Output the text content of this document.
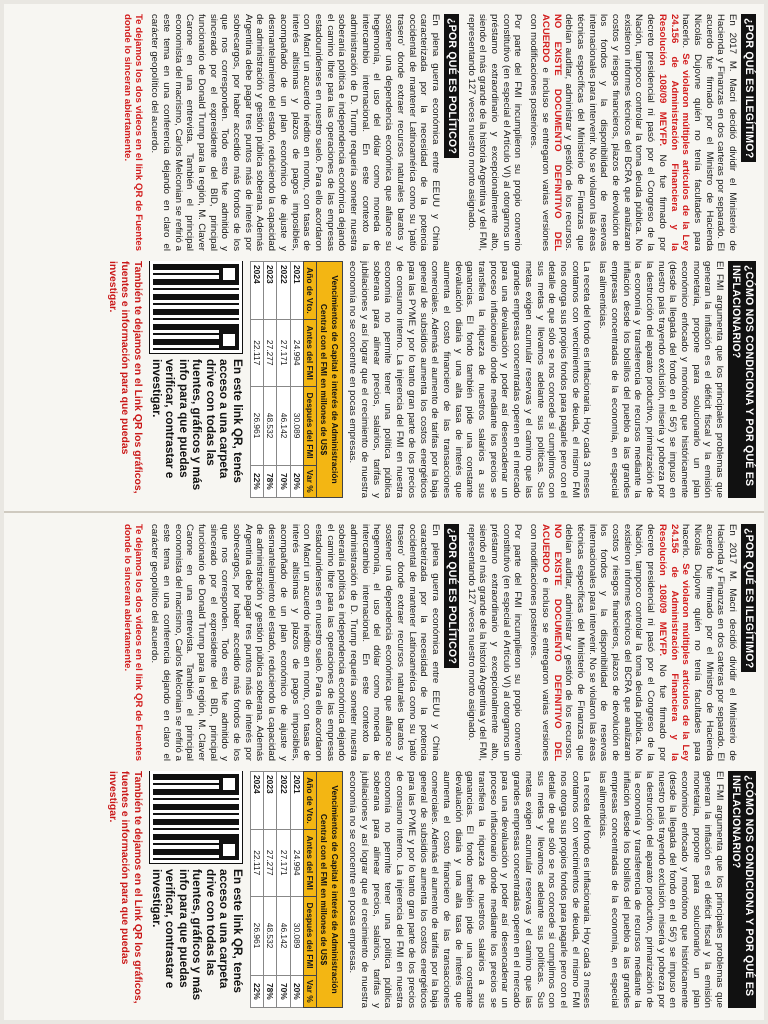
¿POR QUÉ ES ILEGÍTIMO?

En 2017 M. Macri decidió dividir el Ministerio de Hacienda y Finanzas en dos carteras por separado. El acuerdo fue firmado por el Ministro de Hacienda Nicolás Dujovne quién no tenía facultades para hacerlo. Se violaron múltiples artículos de la Ley 24.156 de Administración Financiera y la Resolución 108/09 MEYFP. No fue firmado por decreto presidencial ni pasó por el Congreso de la Nación, tampoco controlar la toma deuda pública. No existieron informes técnicos del BCRA que analizaran costos y riesgos financieros, plazos de devolución de los fondos y la disponibilidad de reservas internacionales para intervenir. No se violaron las áreas técnicas específicas del Ministerio de Finanzas que debían auditar, administrar y gestión de los recursos. NO EXISTE DOCUMENTO DEFINITIVO DEL ACUERDO e incluso se entregaron varias versiones con modificaciones posteriores.

Por parte del FMI incumplieron su propio convenio constitutivo (en especial el Artículo VI) al otorgarnos un préstamo extraordinario y excepcionalmente alto, siendo el más grande de la historia Argentina y del FMI, representando 127 veces nuestro monto asignado.

¿POR QUÉ ES POLÍTICO?

En plena guerra económica entre EEUU y China caracterizada por la necesidad de la potencia occidental de mantener Latinoamérica como su 'patio trasero' donde extraer recursos naturales baratos y sostener una dependencia económica que afiance su hegemonía, el uso del dólar como moneda de intercambio internacional. En este contexto la administración de D. Trump requería someter nuestra soberanía política e independencia económica dejando el camino libre para las operaciones de las empresas estadounidenses en nuestro suelo. Para ello acordaron con Macri un acuerdo inédito en monto, con tasas de interés altísimas y plazos de pagos imposibles, acompañado de un plan económico de ajuste y desmantelamiento del estado, reduciendo la capacidad de administración y gestión pública soberana. Además Argentina debe pagar tres puntos más de interés por sobrecargos, por haber accedido más fondos de los que nos corresponden. Todo esto fue admitido y sincerado por el expresidente del BID, principal funcionario de Donald Trump para la región, M. Claver Carone en una entrevista. También el principal economista del macrismo, Carlos Melconian se refirió a este tema en una conferencia dejando en claro el carácter geopolítico del acuerdo.

Te dejamos los dos videos en el link QR de Fuentes donde lo sinceran abiertamente.

¿CÓMO NOS CONDICIONA Y POR QUÉ ES INFLACIONARIO?

El FMI argumenta que los principales problemas que generan la inflación es el déficit fiscal y la emisión monetaria, propone para solucionarlo un plan económico enfocado y monótono que históricamente (desde la llegada del fondo en el 56') se impuso en nuestro país trayendo exclusión, miseria y pobreza por la destrucción del aparato productivo, primarización de la economía y transferencia de recursos mediante la inflación desde los bolsillos del pueblo a las grandes empresas concentradas de la economía, en especial las alimenticias.

La receta del fondo es inflacionaria. Hoy cada 3 meses contamos con vencimientos de deuda, el mismo FMI nos otorga sus propios fondos para pagarle pero con el detalle de que sólo se nos concede si cumplimos con sus metas y llevamos adelante sus políticas. Sus metas exigen acumular reservas y el camino que las grandes empresas concentradas operen en el mercado para una devaluación y poder así desencadenar un proceso inflacionario donde mediante los precios se transfiera la riqueza de nuestros salarios a sus ganancias. El fondo también pide una constante devaluación diaria y una alta tasa de interés que aumenta el costo financiero de las transacciones comerciales. Además el aumento de tarifas por la baja general de subsidios aumenta los costos energéticos para las PYME y por lo tanto gran parte de los precios de consumo interno. La injerencia del FMI en nuestra economía no permite tener una política pública soberana para alinear precios, salarios, tarifas y jubilaciones y así lograr que el crecimiento de nuestra economía no se concentre en pocas empresas.

Vencimientos de Capital e interés de Administración Central con el FMI en millones de US$
Año de Vto.	Antes del FMI	Después del FMI	Var %
2021	24.994	30.089	20%
2022	27.171	46.142	70%
2023	27.277	48.532	78%
2024	22.117	26.961	22%
En este link QR, tenés acceso a una carpeta drive con todas las fuentes, gráficos y más info para que puedas verificar, contrastar e investigar.
También te dejamos en el Link QR los gráficos, fuentes e información para que puedas investigar.
¿POR QUÉ ES ILEGÍTIMO?

En 2017 M. Macri decidió dividir el Ministerio de Hacienda y Finanzas en dos carteras por separado. El acuerdo fue firmado por el Ministro de Hacienda Nicolás Dujovne quién no tenía facultades para hacerlo. Se violaron múltiples artículos de la Ley 24.156 de Administración Financiera y la Resolución 108/09 MEYFP. No fue firmado por decreto presidencial ni pasó por el Congreso de la Nación, tampoco controlar la toma deuda pública. No existieron informes técnicos del BCRA que analizaran costos y riesgos financieros, plazos de devolución de los fondos y la disponibilidad de reservas internacionales para intervenir. No se violaron las áreas técnicas específicas del Ministerio de Finanzas que debían auditar, administrar y gestión de los recursos. NO EXISTE DOCUMENTO DEFINITIVO DEL ACUERDO e incluso se entregaron varias versiones con modificaciones posteriores.

Por parte del FMI incumplieron su propio convenio constitutivo (en especial el Artículo VI) al otorgarnos un préstamo extraordinario y excepcionalmente alto, siendo el más grande de la historia Argentina y del FMI, representando 127 veces nuestro monto asignado.

¿POR QUÉ ES POLÍTICO?

En plena guerra económica entre EEUU y China caracterizada por la necesidad de la potencia occidental de mantener Latinoamérica como su 'patio trasero' donde extraer recursos naturales baratos y sostener una dependencia económica que afiance su hegemonía, el uso del dólar como moneda de intercambio internacional. En este contexto la administración de D. Trump requería someter nuestra soberanía política e independencia económica dejando el camino libre para las operaciones de las empresas estadounidenses en nuestro suelo. Para ello acordaron con Macri un acuerdo inédito en monto, con tasas de interés altísimas y plazos de pagos imposibles, acompañado de un plan económico de ajuste y desmantelamiento del estado, reduciendo la capacidad de administración y gestión pública soberana. Además Argentina debe pagar tres puntos más de interés por sobrecargos, por haber accedido más fondos de los que nos corresponden. Todo esto fue admitido y sincerado por el expresidente del BID, principal funcionario de Donald Trump para la región, M. Claver Carone en una entrevista. También el principal economista del macrismo, Carlos Melconian se refirió a este tema en una conferencia dejando en claro el carácter geopolítico del acuerdo.

Te dejamos los dos videos en el link QR de Fuentes donde lo sinceran abiertamente.

¿CÓMO NOS CONDICIONA Y POR QUÉ ES INFLACIONARIO?

El FMI argumenta que los principales problemas que generan la inflación es el déficit fiscal y la emisión monetaria, propone para solucionarlo un plan económico enfocado y monótono que históricamente (desde la llegada del fondo en el 56') se impuso en nuestro país trayendo exclusión, miseria y pobreza por la destrucción del aparato productivo, primarización de la economía y transferencia de recursos mediante la inflación desde los bolsillos del pueblo a las grandes empresas concentradas de la economía, en especial las alimenticias.

La receta del fondo es inflacionaria. Hoy cada 3 meses contamos con vencimientos de deuda, el mismo FMI nos otorga sus propios fondos para pagarle pero con el detalle de que sólo se nos concede si cumplimos con sus metas y llevamos adelante sus políticas. Sus metas exigen acumular reservas y el camino que las grandes empresas concentradas operen en el mercado para una devaluación y poder así desencadenar un proceso inflacionario donde mediante los precios se transfiera la riqueza de nuestros salarios a sus ganancias. El fondo también pide una constante devaluación diaria y una alta tasa de interés que aumenta el costo financiero de las transacciones comerciales. Además el aumento de tarifas por la baja general de subsidios aumenta los costos energéticos para las PYME y por lo tanto gran parte de los precios de consumo interno. La injerencia del FMI en nuestra economía no permite tener una política pública soberana para alinear precios, salarios, tarifas y jubilaciones y así lograr que el crecimiento de nuestra economía no se concentre en pocas empresas.

Vencimientos de Capital e interés de Administración Central con el FMI en millones de US$
Año de Vto.	Antes del FMI	Después del FMI	Var %
2021	24.994	30.089	20%
2022	27.171	46.142	70%
2023	27.277	48.532	78%
2024	22.117	26.961	22%
En este link QR, tenés acceso a una carpeta drive con todas las fuentes, gráficos y más info para que puedas verificar, contrastar e investigar.
También te dejamos en el Link QR los gráficos, fuentes e información para que puedas investigar.
